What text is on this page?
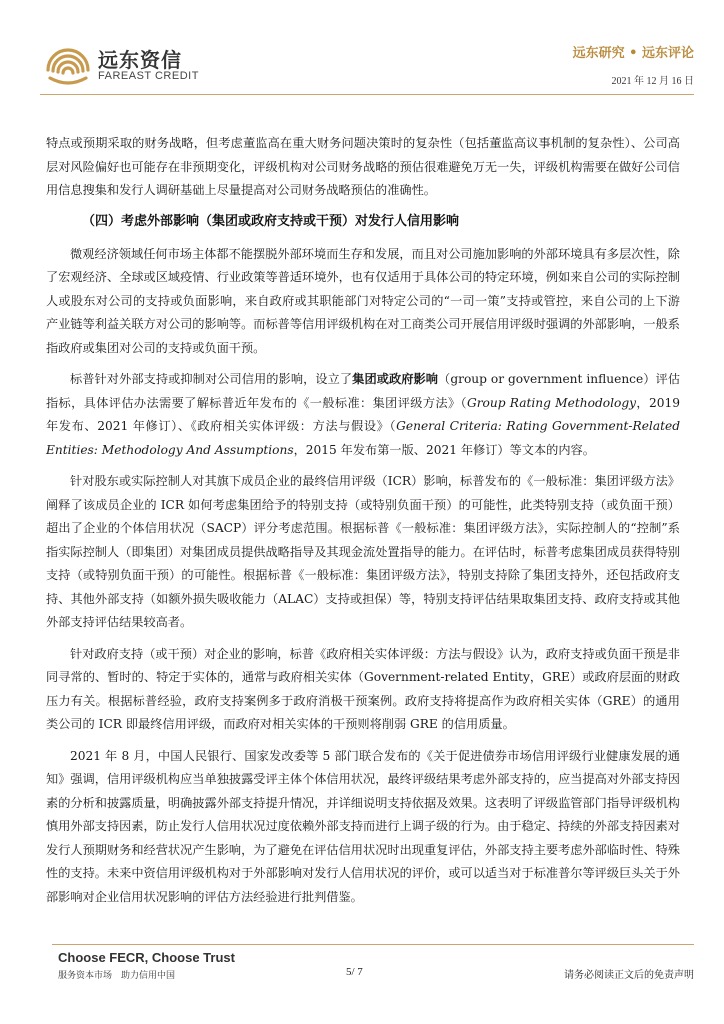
远东资信
FAREAST CREDIT
远东研究 • 远东评论
2021 年 12 月 16 日

特点或预期采取的财务战略，但考虑董监高在重大财务问题决策时的复杂性（包括董监高议事机制的复杂性）、公司高层对风险偏好也可能存在非预期变化，评级机构对公司财务战略的预估很难避免万无一失，评级机构需要在做好公司信用信息搜集和发行人调研基础上尽量提高对公司财务战略预估的准确性。

（四）考虑外部影响（集团或政府支持或干预）对发行人信用影响

微观经济领域任何市场主体都不能摆脱外部环境而生存和发展，而且对公司施加影响的外部环境具有多层次性，除了宏观经济、全球或区域疫情、行业政策等普适环境外，也有仅适用于具体公司的特定环境，例如来自公司的实际控制人或股东对公司的支持或负面影响，来自政府或其职能部门对特定公司的“一司一策”支持或管控，来自公司的上下游产业链等利益关联方对公司的影响等。而标普等信用评级机构在对工商类公司开展信用评级时强调的外部影响，一般系指政府或集团对公司的支持或负面干预。

标普针对外部支持或抑制对公司信用的影响，设立了集团或政府影响（group or government influence）评估指标，具体评估办法需要了解标普近年发布的《一般标准：集团评级方法》（Group Rating Methodology，2019 年发布、2021 年修订）、《政府相关实体评级：方法与假设》（General Criteria: Rating Government-Related Entities: Methodology And Assumptions，2015 年发布第一版、2021 年修订）等文本的内容。

针对股东或实际控制人对其旗下成员企业的最终信用评级（ICR）影响，标普发布的《一般标准：集团评级方法》阐释了该成员企业的 ICR 如何考虑集团给予的特别支持（或特别负面干预）的可能性，此类特别支持（或负面干预）超出了企业的个体信用状况（SACP）评分考虑范围。根据标普《一般标准：集团评级方法》，实际控制人的“控制”系指实际控制人（即集团）对集团成员提供战略指导及其现金流处置指导的能力。在评估时，标普考虑集团成员获得特别支持（或特别负面干预）的可能性。根据标普《一般标准：集团评级方法》，特别支持除了集团支持外，还包括政府支持、其他外部支持（如额外损失吸收能力（ALAC）支持或担保）等，特别支持评估结果取集团支持、政府支持或其他外部支持评估结果较高者。

针对政府支持（或干预）对企业的影响，标普《政府相关实体评级：方法与假设》认为，政府支持或负面干预是非同寻常的、暂时的、特定于实体的，通常与政府相关实体（Government-related Entity，GRE）或政府层面的财政压力有关。根据标普经验，政府支持案例多于政府消极干预案例。政府支持将提高作为政府相关实体（GRE）的通用类公司的 ICR 即最终信用评级，而政府对相关实体的干预则将削弱 GRE 的信用质量。

2021 年 8 月，中国人民银行、国家发改委等 5 部门联合发布的《关于促进债券市场信用评级行业健康发展的通知》强调，信用评级机构应当单独披露受评主体个体信用状况，最终评级结果考虑外部支持的，应当提高对外部支持因素的分析和披露质量，明确披露外部支持提升情况，并详细说明支持依据及效果。这表明了评级监管部门指导评级机构慎用外部支持因素，防止发行人信用状况过度依赖外部支持而进行上调子级的行为。由于稳定、持续的外部支持因素对发行人预期财务和经营状况产生影响，为了避免在评估信用状况时出现重复评估，外部支持主要考虑外部临时性、特殊性的支持。未来中资信用评级机构对于外部影响对发行人信用状况的评价，或可以适当对于标准普尔等评级巨头关于外部影响对企业信用状况影响的评估方法经验进行批判借鉴。

Choose FECR, Choose Trust
服务资本市场　助力信用中国	5/ 7	请务必阅读正文后的免责声明
